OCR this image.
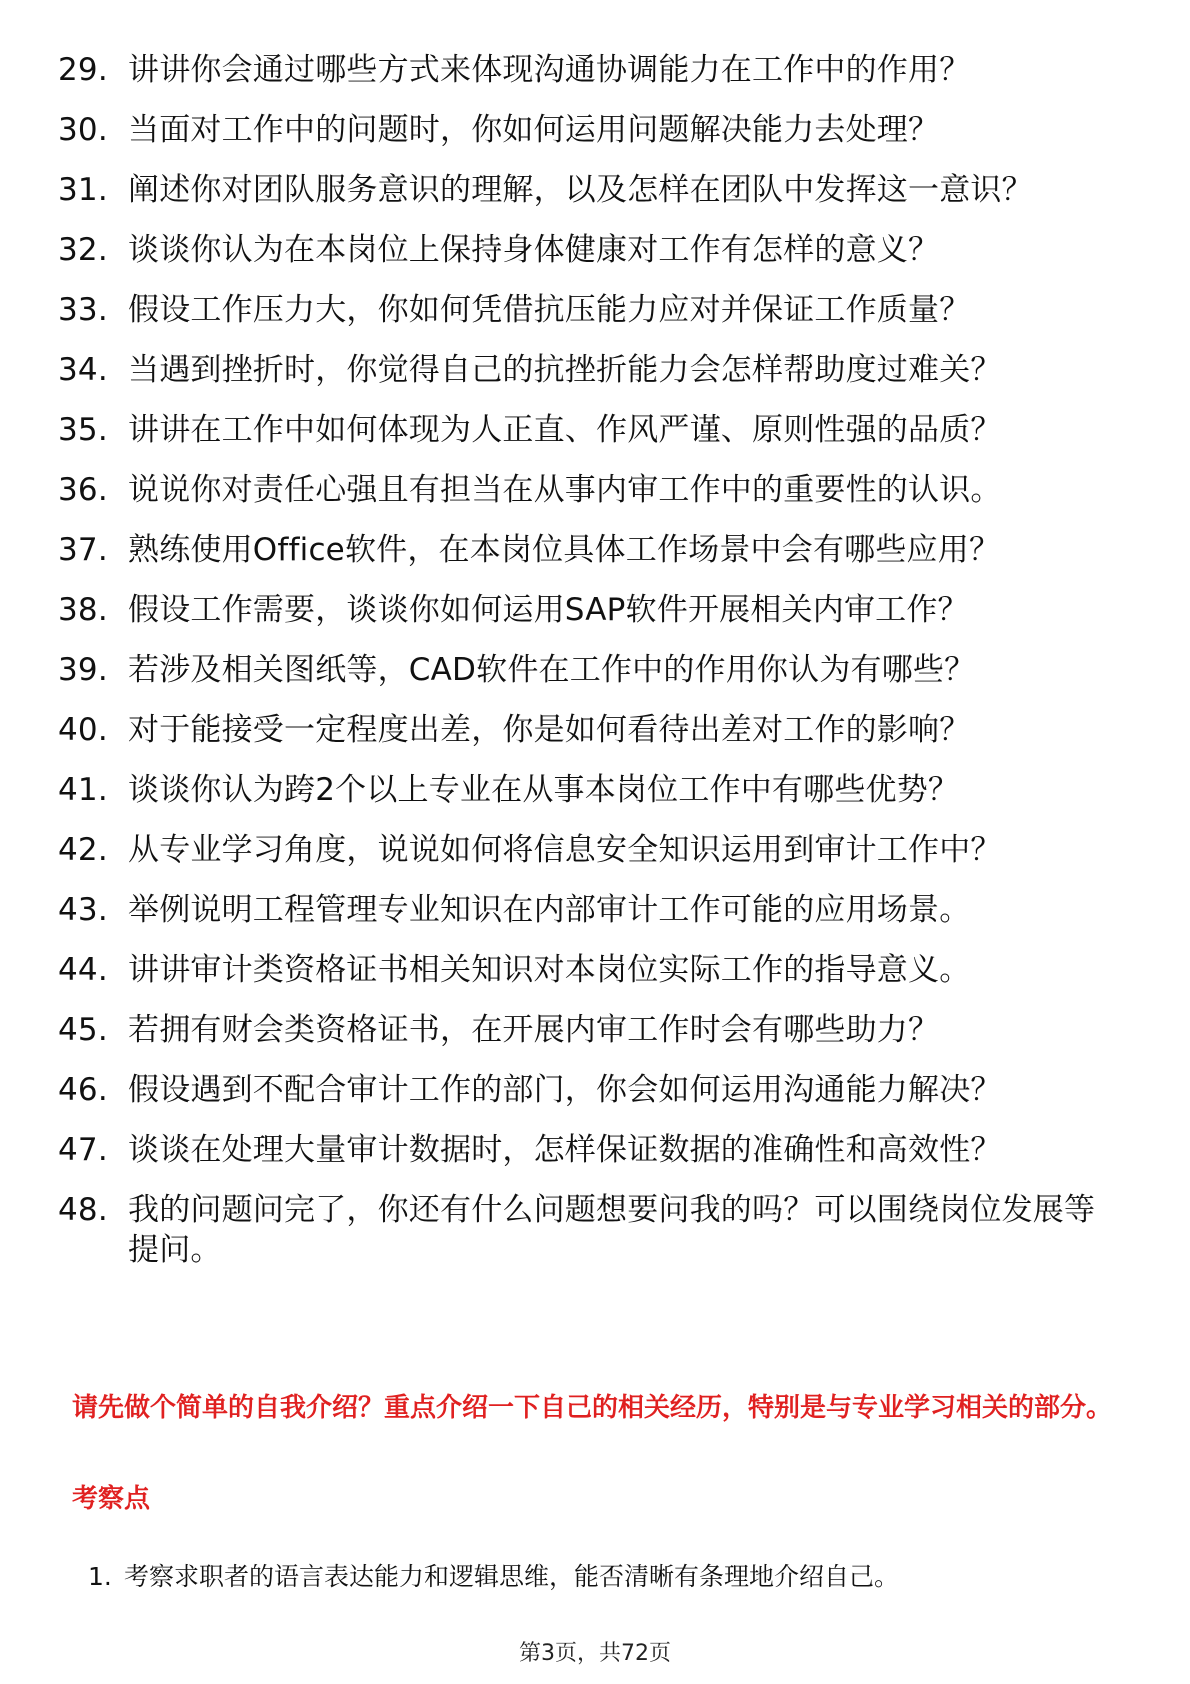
29. 讲讲你会通过哪些方式来体现沟通协调能力在工作中的作用？
30. 当面对工作中的问题时，你如何运用问题解决能力去处理？
31. 阐述你对团队服务意识的理解，以及怎样在团队中发挥这一意识？
32. 谈谈你认为在本岗位上保持身体健康对工作有怎样的意义？
33. 假设工作压力大，你如何凭借抗压能力应对并保证工作质量？
34. 当遇到挫折时，你觉得自己的抗挫折能力会怎样帮助度过难关？
35. 讲讲在工作中如何体现为人正直、作风严谨、原则性强的品质？
36. 说说你对责任心强且有担当在从事内审工作中的重要性的认识。
37. 熟练使用Office软件，在本岗位具体工作场景中会有哪些应用？
38. 假设工作需要，谈谈你如何运用SAP软件开展相关内审工作？
39. 若涉及相关图纸等，CAD软件在工作中的作用你认为有哪些？
40. 对于能接受一定程度出差，你是如何看待出差对工作的影响？
41. 谈谈你认为跨2个以上专业在从事本岗位工作中有哪些优势？
42. 从专业学习角度，说说如何将信息安全知识运用到审计工作中？
43. 举例说明工程管理专业知识在内部审计工作可能的应用场景。
44. 讲讲审计类资格证书相关知识对本岗位实际工作的指导意义。
45. 若拥有财会类资格证书，在开展内审工作时会有哪些助力？
46. 假设遇到不配合审计工作的部门，你会如何运用沟通能力解决？
47. 谈谈在处理大量审计数据时，怎样保证数据的准确性和高效性？
48. 我的问题问完了，你还有什么问题想要问我的吗？可以围绕岗位发展等提问。
请先做个简单的自我介绍？重点介绍一下自己的相关经历，特别是与专业学习相关的部分。
考察点
1. 考察求职者的语言表达能力和逻辑思维，能否清晰有条理地介绍自己。
第3页，共72页
